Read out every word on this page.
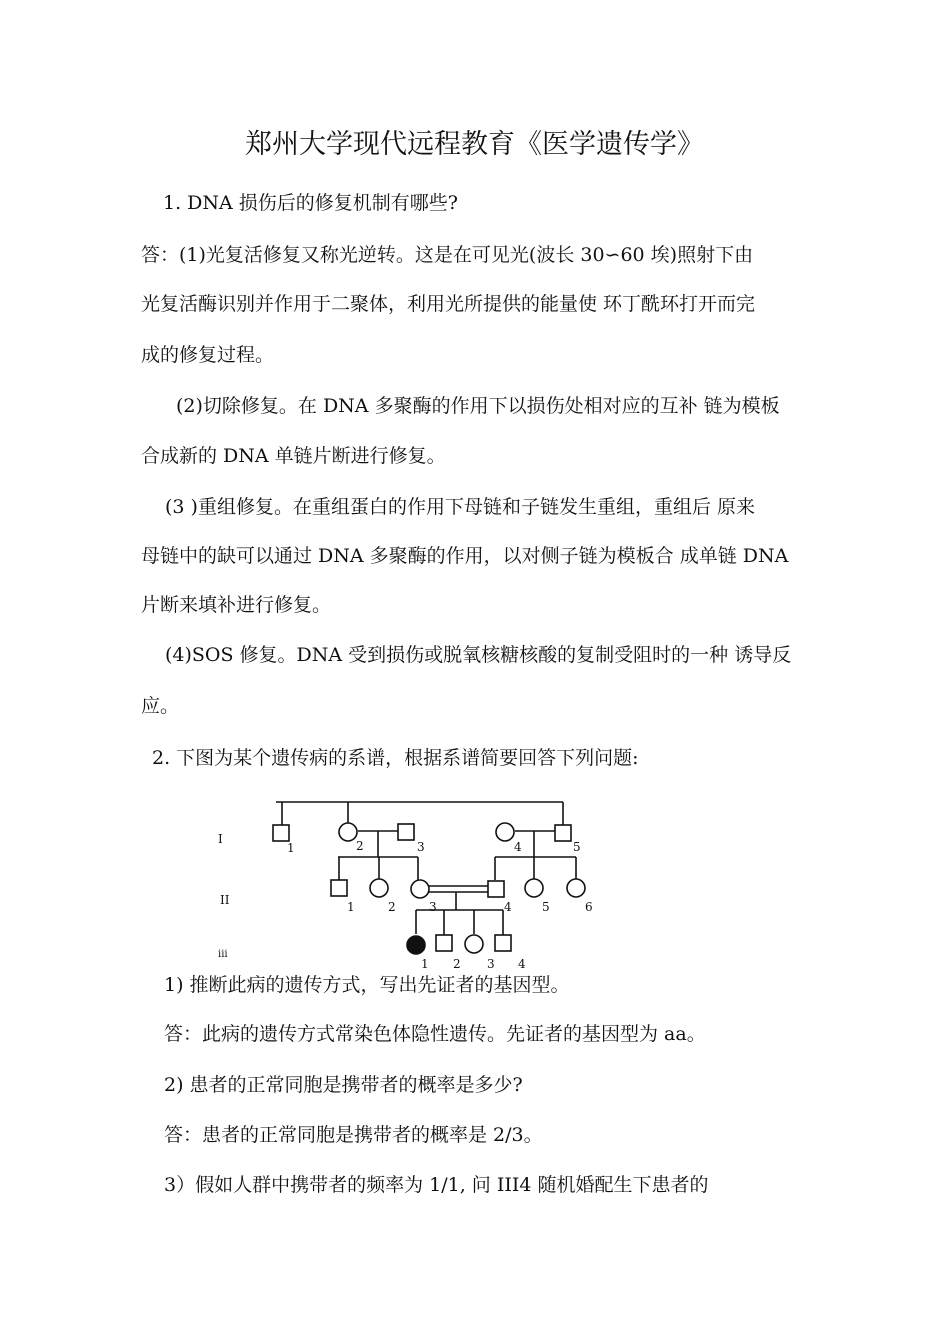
郑州大学现代远程教育《医学遗传学》
1. DNA 损伤后的修复机制有哪些?
答：(1)光复活修复又称光逆转。这是在可见光(波长 30∽60 埃)照射下由
光复活酶识别并作用于二聚体，利用光所提供的能量使 环丁酰环打开而完
成的修复过程。
(2)切除修复。在 DNA 多聚酶的作用下以损伤处相对应的互补 链为模板
合成新的 DNA 单链片断进行修复。
(3 )重组修复。在重组蛋白的作用下母链和子链发生重组，重组后 原来
母链中的缺可以通过 DNA 多聚酶的作用，以对侧子链为模板合 成单链 DNA
片断来填补进行修复。
(4)SOS 修复。DNA 受到损伤或脱氧核糖核酸的复制受阻时的一种 诱导反
应。
2. 下图为某个遗传病的系谱，根据系谱简要回答下列问题:
I
II
iii
1	2	3	4	5
1	2	3	4	5	6
1 2 3 4
1) 推断此病的遗传方式，写出先证者的基因型。
答：此病的遗传方式常染色体隐性遗传。先证者的基因型为 aa。
2) 患者的正常同胞是携带者的概率是多少?
答：患者的正常同胞是携带者的概率是 2/3。
3）假如人群中携带者的频率为 1/1, 问 III4 随机婚配生下患者的
